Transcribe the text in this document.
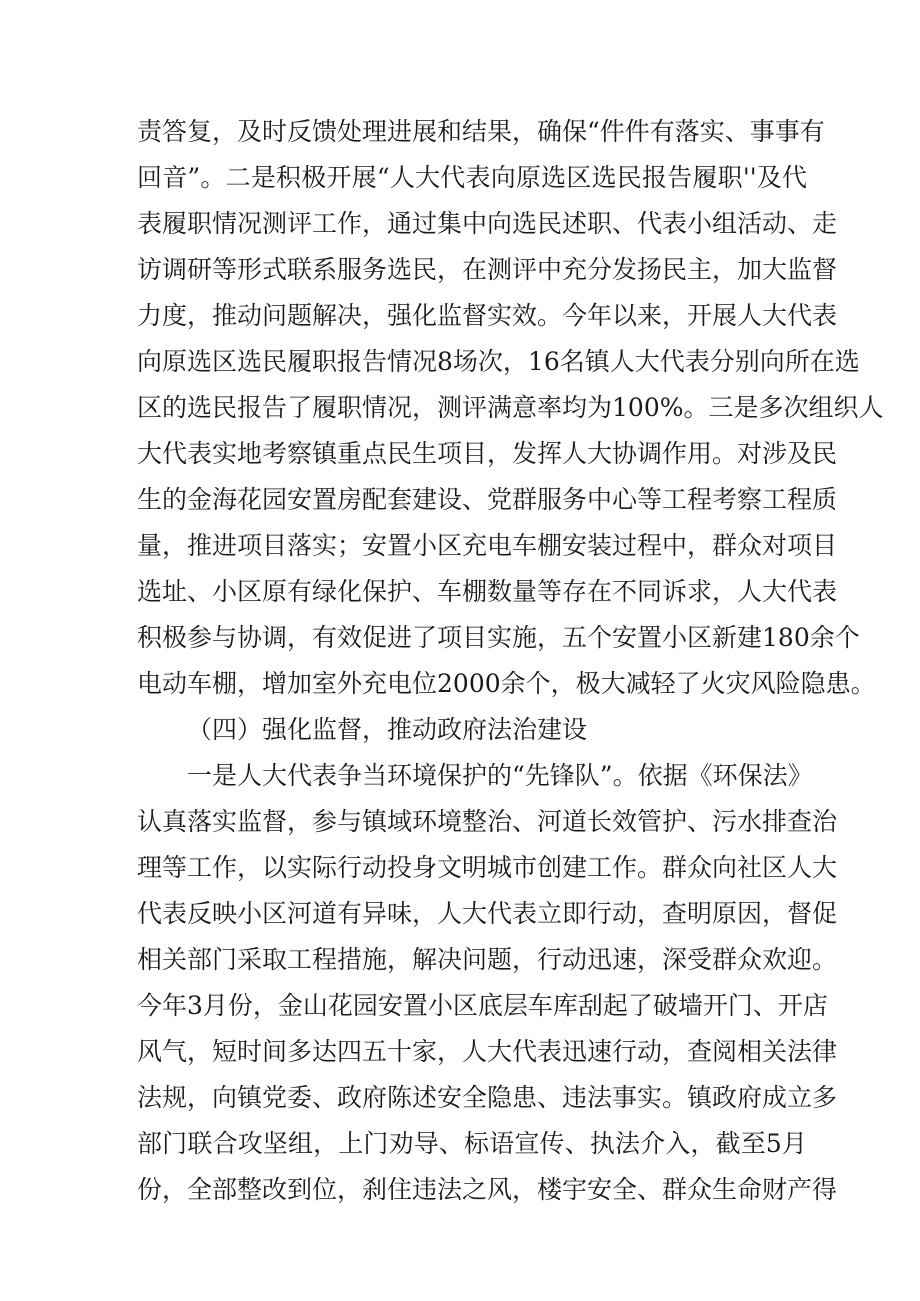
责答复，及时反馈处理进展和结果，确保“件件有落实、事事有
回音”。二是积极开展“人大代表向原选区选民报告履职''及代
表履职情况测评工作，通过集中向选民述职、代表小组活动、走
访调研等形式联系服务选民，在测评中充分发扬民主，加大监督
力度，推动问题解决，强化监督实效。今年以来，开展人大代表
向原选区选民履职报告情况8场次，16名镇人大代表分别向所在选
区的选民报告了履职情况，测评满意率均为100%。三是多次组织人
大代表实地考察镇重点民生项目，发挥人大协调作用。对涉及民
生的金海花园安置房配套建设、党群服务中心等工程考察工程质
量，推进项目落实；安置小区充电车棚安装过程中，群众对项目
选址、小区原有绿化保护、车棚数量等存在不同诉求，人大代表
积极参与协调，有效促进了项目实施，五个安置小区新建180余个
电动车棚，增加室外充电位2000余个，极大减轻了火灾风险隐患。
（四）强化监督，推动政府法治建设
一是人大代表争当环境保护的“先锋队”。依据《环保法》
认真落实监督，参与镇域环境整治、河道长效管护、污水排查治
理等工作，以实际行动投身文明城市创建工作。群众向社区人大
代表反映小区河道有异味，人大代表立即行动，查明原因，督促
相关部门采取工程措施，解决问题，行动迅速，深受群众欢迎。
今年3月份，金山花园安置小区底层车库刮起了破墙开门、开店
风气，短时间多达四五十家，人大代表迅速行动，查阅相关法律
法规，向镇党委、政府陈述安全隐患、违法事实。镇政府成立多
部门联合攻坚组，上门劝导、标语宣传、执法介入，截至5月
份，全部整改到位，刹住违法之风，楼宇安全、群众生命财产得
